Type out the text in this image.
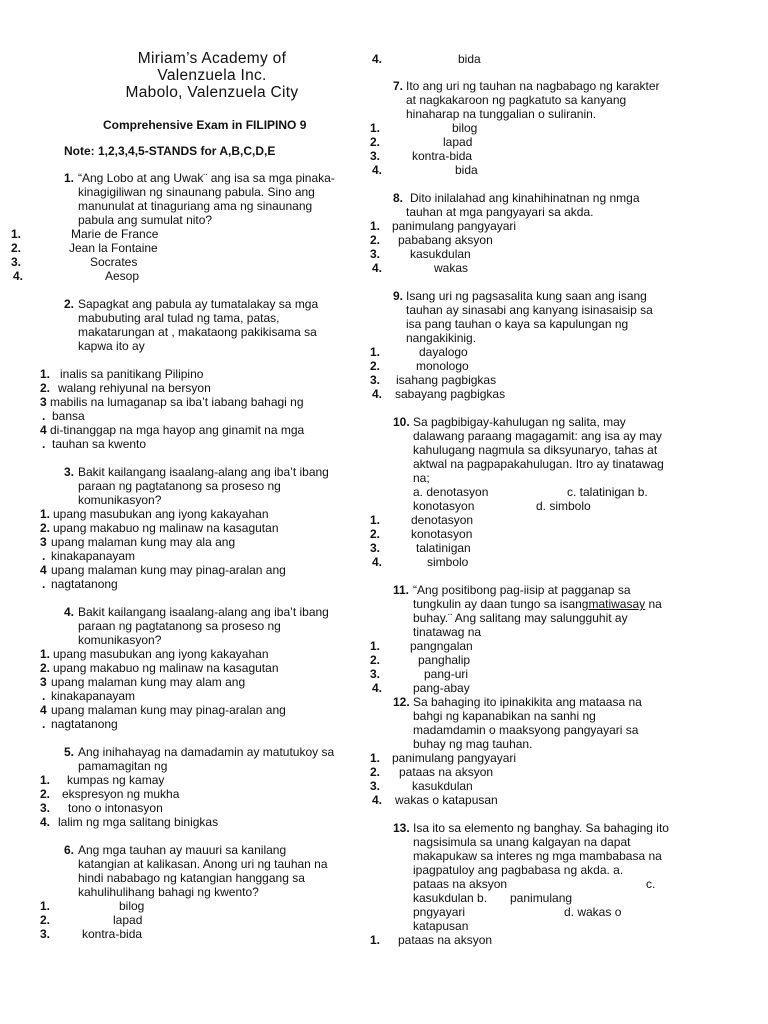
Miriam’s Academy of
Valenzuela Inc.
Mabolo, Valenzuela City
Comprehensive Exam in FILIPINO 9
Note: 1,2,3,4,5-STANDS for A,B,C,D,E
1. “Ang Lobo at ang Uwak¨ ang isa sa mga pinaka-
kinagigiliwan ng sinaunang pabula. Sino ang
manunulat at tinaguriang ama ng sinaunang
pabula ang sumulat nito?
1.	Marie de France
2.	Jean la Fontaine
3.	Socrates
4.	Aesop
2. Sapagkat ang pabula ay tumatalakay sa mga
mabubuting aral tulad ng tama, patas,
makatarungan at , makataong pakikisama sa
kapwa ito ay
1. inalis sa panitikang Pilipino
2. walang rehiyunal na bersyon
3 mabilis na lumaganap sa iba’t iabang bahagi ng
. bansa
4 di-tinanggap na mga hayop ang ginamit na mga
. tauhan sa kwento
3. Bakit kailangang isaalang-alang ang iba’t ibang
paraan ng pagtatanong sa proseso ng
komunikasyon?
1. upang masubukan ang iyong kakayahan
2. upang makabuo ng malinaw na kasagutan
3 upang malaman kung may ala ang
. kinakapanayam
4 upang malaman kung may pinag-aralan ang
. nagtatanong
4. Bakit kailangang isaalang-alang ang iba’t ibang
paraan ng pagtatanong sa proseso ng
komunikasyon?
1. upang masubukan ang iyong kakayahan
2. upang makabuo ng malinaw na kasagutan
3 upang malaman kung may alam ang
. kinakapanayam
4 upang malaman kung may pinag-aralan ang
. nagtatanong
5. Ang inihahayag na damadamin ay matutukoy sa
pamamagitan ng
1. kumpas ng kamay
2. ekspresyon ng mukha
3. tono o intonasyon
4. lalim ng mga salitang binigkas
6. Ang mga tauhan ay mauuri sa kanilang
katangian at kalikasan. Anong uri ng tauhan na
hindi nababago ng katangian hanggang sa
kahulihulihang bahagi ng kwento?
1.	bilog
2.	lapad
3.	kontra-bida
4.	bida
7. Ito ang uri ng tauhan na nagbabago ng karakter
at nagkakaroon ng pagkatuto sa kanyang
hinaharap na tunggalian o suliranin.
1.	bilog
2.	lapad
3.	kontra-bida
4.	bida
8. Dito inilalahad ang kinahihinatnan ng nmga
tauhan at mga pangyayari sa akda.
1. panimulang pangyayari
2. pababang aksyon
3. kasukdulan
4.	wakas
9. Isang uri ng pagsasalita kung saan ang isang
tauhan ay sinasabi ang kanyang isinasaisip sa
isa pang tauhan o kaya sa kapulungan ng
nangakikinig.
1.	dayalogo
2.	monologo
3. isahang pagbigkas
4. sabayang pagbigkas
10. Sa pagbibigay-kahulugan ng salita, may
dalawang paraang magagamit: ang isa ay may
kahulugang nagmula sa diksyunaryo, tahas at
aktwal na pagpapakahulugan. Itro ay tinatawag
na;
a. denotasyon	c. talatinigan b.
konotasyon	d. simbolo
1.	denotasyon
2.	konotasyon
3.	talatinigan
4.	simbolo
11. “Ang positibong pag-iisip at pagganap sa
tungkulin ay daan tungo sa isangmatiwasay na
buhay.¨ Ang salitang may salungguhit ay
tinatawag na
1. pangngalan
2.	panghalip
3.	pang-uri
4.	pang-abay
12. Sa bahaging ito ipinakikita ang mataasa na
bahgi ng kapanabikan na sanhi ng
madamdamin o maaksyong pangyayari sa
buhay ng mag tauhan.
1. panimulang pangyayari
2. pataas na aksyon
3.	kasukdulan
4. wakas o katapusan
13. Isa ito sa elemento ng banghay. Sa bahaging ito
nagsisimula sa unang kalgayan na dapat
makapukaw sa interes ng mga mambabasa na
ipagpatuloy ang pagbabasa ng akda. a.
pataas na aksyon	c.
kasukdulan b. panimulang
pngyayari	d. wakas o
katapusan
1. pataas na aksyon
